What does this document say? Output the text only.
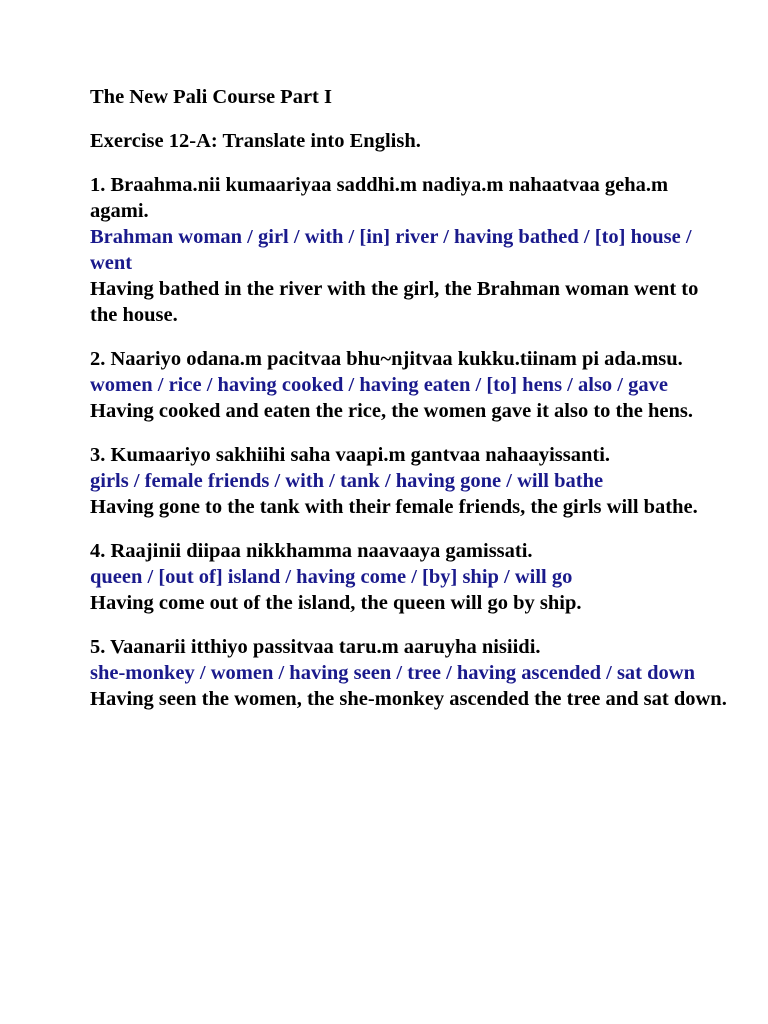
The New Pali Course Part I
Exercise 12-A: Translate into English.
1. Braahma.nii kumaariyaa saddhi.m nadiya.m nahaatvaa geha.m agami.
Brahman woman / girl / with / [in] river / having bathed / [to] house / went
Having bathed in the river with the girl, the Brahman woman went to the house.
2. Naariyo odana.m pacitvaa bhu~njitvaa kukku.tiinam pi ada.msu.
women / rice / having cooked / having eaten / [to] hens / also / gave
Having cooked and eaten the rice, the women gave it also to the hens.
3. Kumaariyo sakhiihi saha vaapi.m gantvaa nahaayissanti.
girls / female friends / with / tank / having gone / will bathe
Having gone to the tank with their female friends, the girls will bathe.
4. Raajinii diipaa nikkhamma naavaaya gamissati.
queen / [out of] island / having come / [by] ship / will go
Having come out of the island, the queen will go by ship.
5. Vaanarii itthiyo passitvaa taru.m aaruyha nisiidi.
she-monkey / women / having seen / tree / having ascended / sat down
Having seen the women, the she-monkey ascended the tree and sat down.
